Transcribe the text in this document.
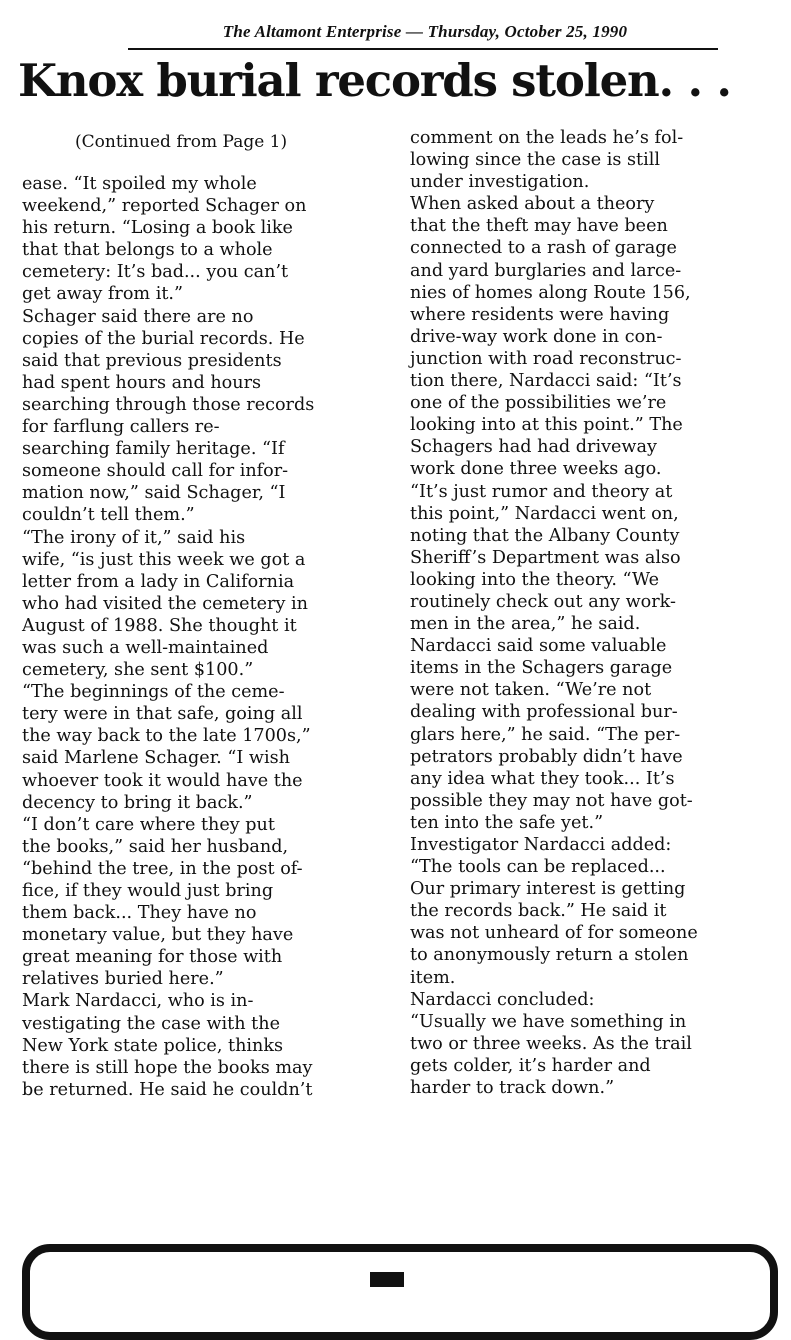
The Altamont Enterprise — Thursday, October 25, 1990
Knox burial records stolen. . .
(Continued from Page 1)
ease. “It spoiled my whole
weekend,” reported Schager on
his return. “Losing a book like
that that belongs to a whole
cemetery: It’s bad... you can’t
get away from it.”
Schager said there are no
copies of the burial records. He
said that previous presidents
had spent hours and hours
searching through those records
for farflung callers re-
searching family heritage. “If
someone should call for infor-
mation now,” said Schager, “I
couldn’t tell them.”
“The irony of it,” said his
wife, “is just this week we got a
letter from a lady in California
who had visited the cemetery in
August of 1988. She thought it
was such a well-maintained
cemetery, she sent $100.”
“The beginnings of the ceme-
tery were in that safe, going all
the way back to the late 1700s,”
said Marlene Schager. “I wish
whoever took it would have the
decency to bring it back.”
“I don’t care where they put
the books,” said her husband,
“behind the tree, in the post of-
fice, if they would just bring
them back... They have no
monetary value, but they have
great meaning for those with
relatives buried here.”
Mark Nardacci, who is in-
vestigating the case with the
New York state police, thinks
there is still hope the books may
be returned. He said he couldn’t
comment on the leads he’s fol-
lowing since the case is still
under investigation.
When asked about a theory
that the theft may have been
connected to a rash of garage
and yard burglaries and larce-
nies of homes along Route 156,
where residents were having
drive-way work done in con-
junction with road reconstruc-
tion there, Nardacci said: “It’s
one of the possibilities we’re
looking into at this point.” The
Schagers had had driveway
work done three weeks ago.
“It’s just rumor and theory at
this point,” Nardacci went on,
noting that the Albany County
Sheriff’s Department was also
looking into the theory. “We
routinely check out any work-
men in the area,” he said.
Nardacci said some valuable
items in the Schagers garage
were not taken. “We’re not
dealing with professional bur-
glars here,” he said. “The per-
petrators probably didn’t have
any idea what they took... It’s
possible they may not have got-
ten into the safe yet.”
Investigator Nardacci added:
“The tools can be replaced...
Our primary interest is getting
the records back.” He said it
was not unheard of for someone
to anonymously return a stolen
item.
Nardacci concluded:
“Usually we have something in
two or three weeks. As the trail
gets colder, it’s harder and
harder to track down.”
